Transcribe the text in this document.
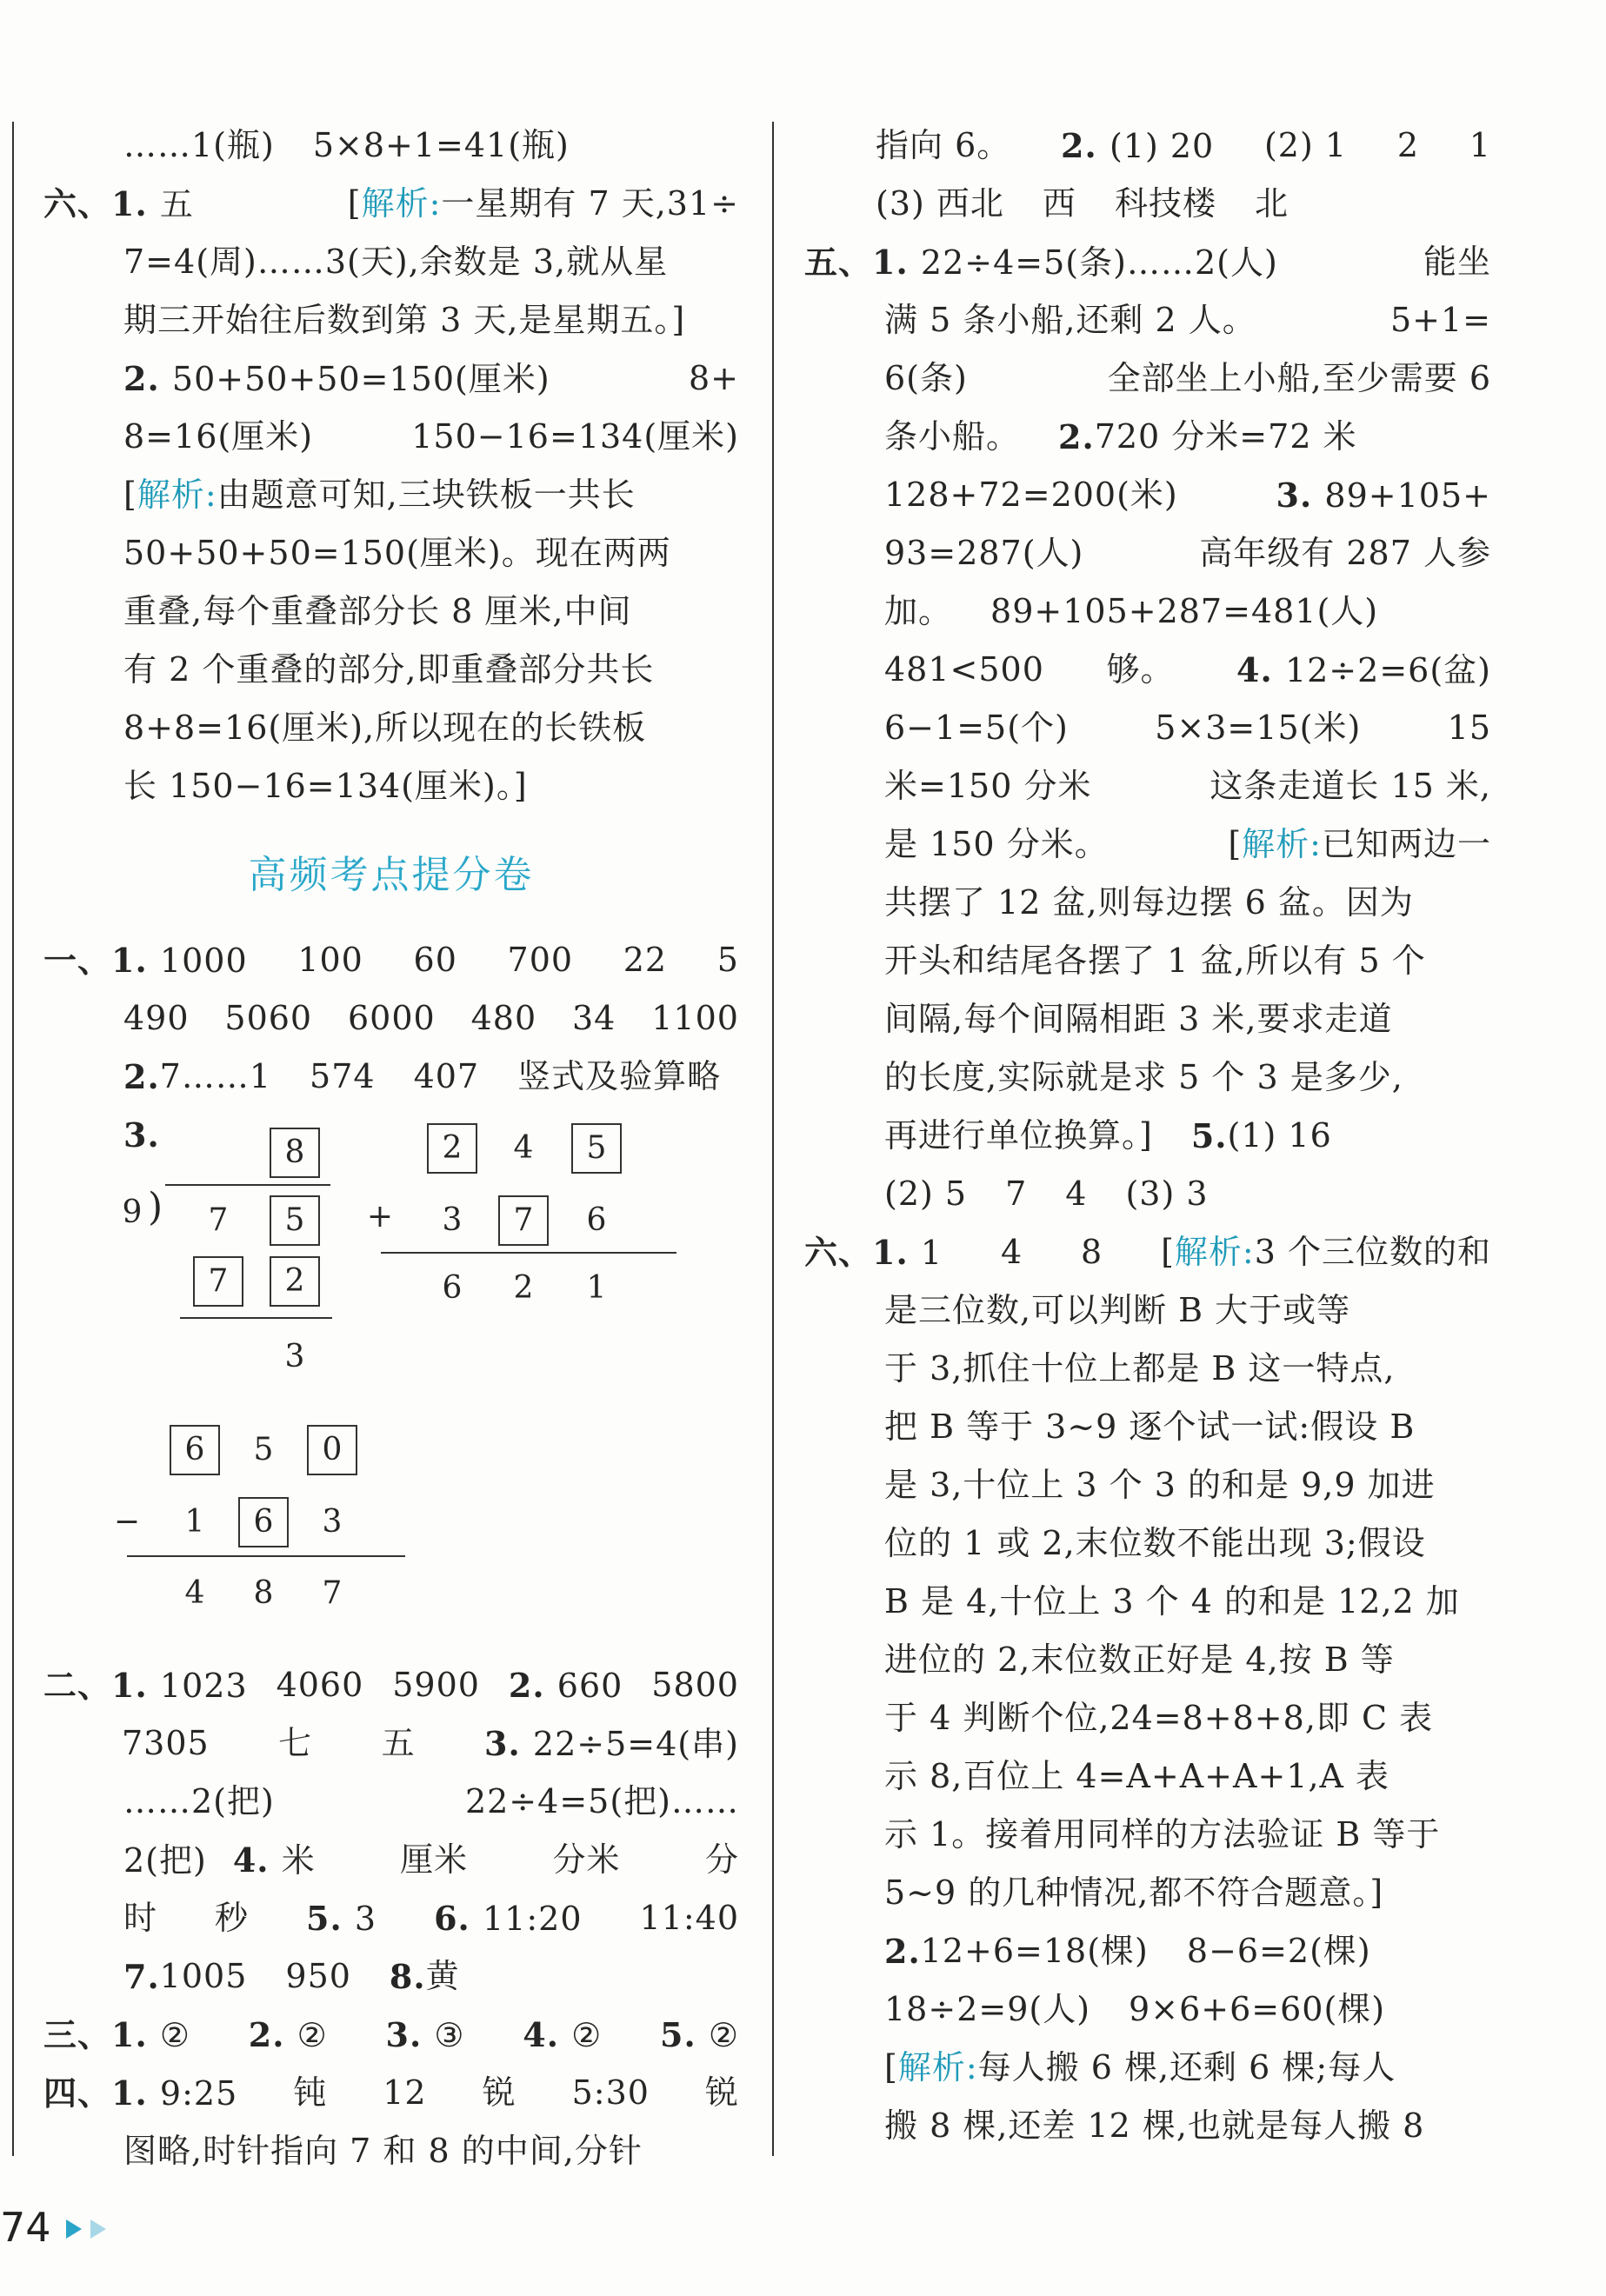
……1(瓶) 5×8+1=41(瓶)
六、1. 五	[解析:一星期有 7 天,31÷
7=4(周)……3(天),余数是 3,就从星
期三开始往后数到第 3 天,是星期五。]
2. 50+50+50=150(厘米)	8+
8=16(厘米)	150−16=134(厘米)
[解析:由题意可知,三块铁板一共长
50+50+50=150(厘米)。现在两两
重叠,每个重叠部分长 8 厘米,中间
有 2 个重叠的部分,即重叠部分共长
8+8=16(厘米),所以现在的长铁板
长 150−16=134(厘米)。]
高频考点提分卷
一、1. 1000 100 60 700 22 5
490 5060 6000 480 34 1100
2. 7……1 574 407 竖式及验算略
3.	8
9 )	7	5
7	2
3
2	4	5
+	3	7	6
6	2	1
6	5	0
−	1	6	3
4	8	7
二、1. 1023 4060 5900 2. 660 5800
7305 七 五 3. 22÷5=4(串)
……2(把)	22÷4=5(把)……
2(把) 4. 米	厘米	分米	分
时 秒 5. 3 6. 11:20 11:40
7. 1005 950 8. 黄
三、1. ② 2. ② 3. ③ 4. ② 5. ②
四、1. 9:25 钝 12 锐 5:30 锐
图略,时针指向 7 和 8 的中间,分针
指向 6。 2. (1) 20 (2) 1 2 1
(3) 西北 西 科技楼 北
五、1. 22÷4=5(条)……2(人)	能坐
满 5 条小船,还剩 2 人。	5+1=
6(条)	全部坐上小船,至少需要 6
条小船。 2. 720 分米=72 米
128+72=200(米)	3. 89+105+
93=287(人)	高年级有 287 人参
加。 89+105+287=481(人)
481<500 够。 4. 12÷2=6(盆)
6−1=5(个)	5×3=15(米)	15
米=150 分米	这条走道长 15 米,
是 150 分米。	[解析:已知两边一
共摆了 12 盆,则每边摆 6 盆。因为
开头和结尾各摆了 1 盆,所以有 5 个
间隔,每个间隔相距 3 米,要求走道
的长度,实际就是求 5 个 3 是多少,
再进行单位换算。] 5. (1) 16
(2) 5 7 4 (3) 3
六、1. 1 4 8 [解析:3 个三位数的和
是三位数,可以判断 B 大于或等
于 3,抓住十位上都是 B 这一特点,
把 B 等于 3~9 逐个试一试:假设 B
是 3,十位上 3 个 3 的和是 9,9 加进
位的 1 或 2,末位数不能出现 3;假设
B 是 4,十位上 3 个 4 的和是 12,2 加
进位的 2,末位数正好是 4,按 B 等
于 4 判断个位,24=8+8+8,即 C 表
示 8,百位上 4=A+A+A+1,A 表
示 1。接着用同样的方法验证 B 等于
5~9 的几种情况,都不符合题意。]
2. 12+6=18(棵) 8−6=2(棵)
18÷2=9(人) 9×6+6=60(棵)
[解析:每人搬 6 棵,还剩 6 棵;每人
搬 8 棵,还差 12 棵,也就是每人搬 8
74
